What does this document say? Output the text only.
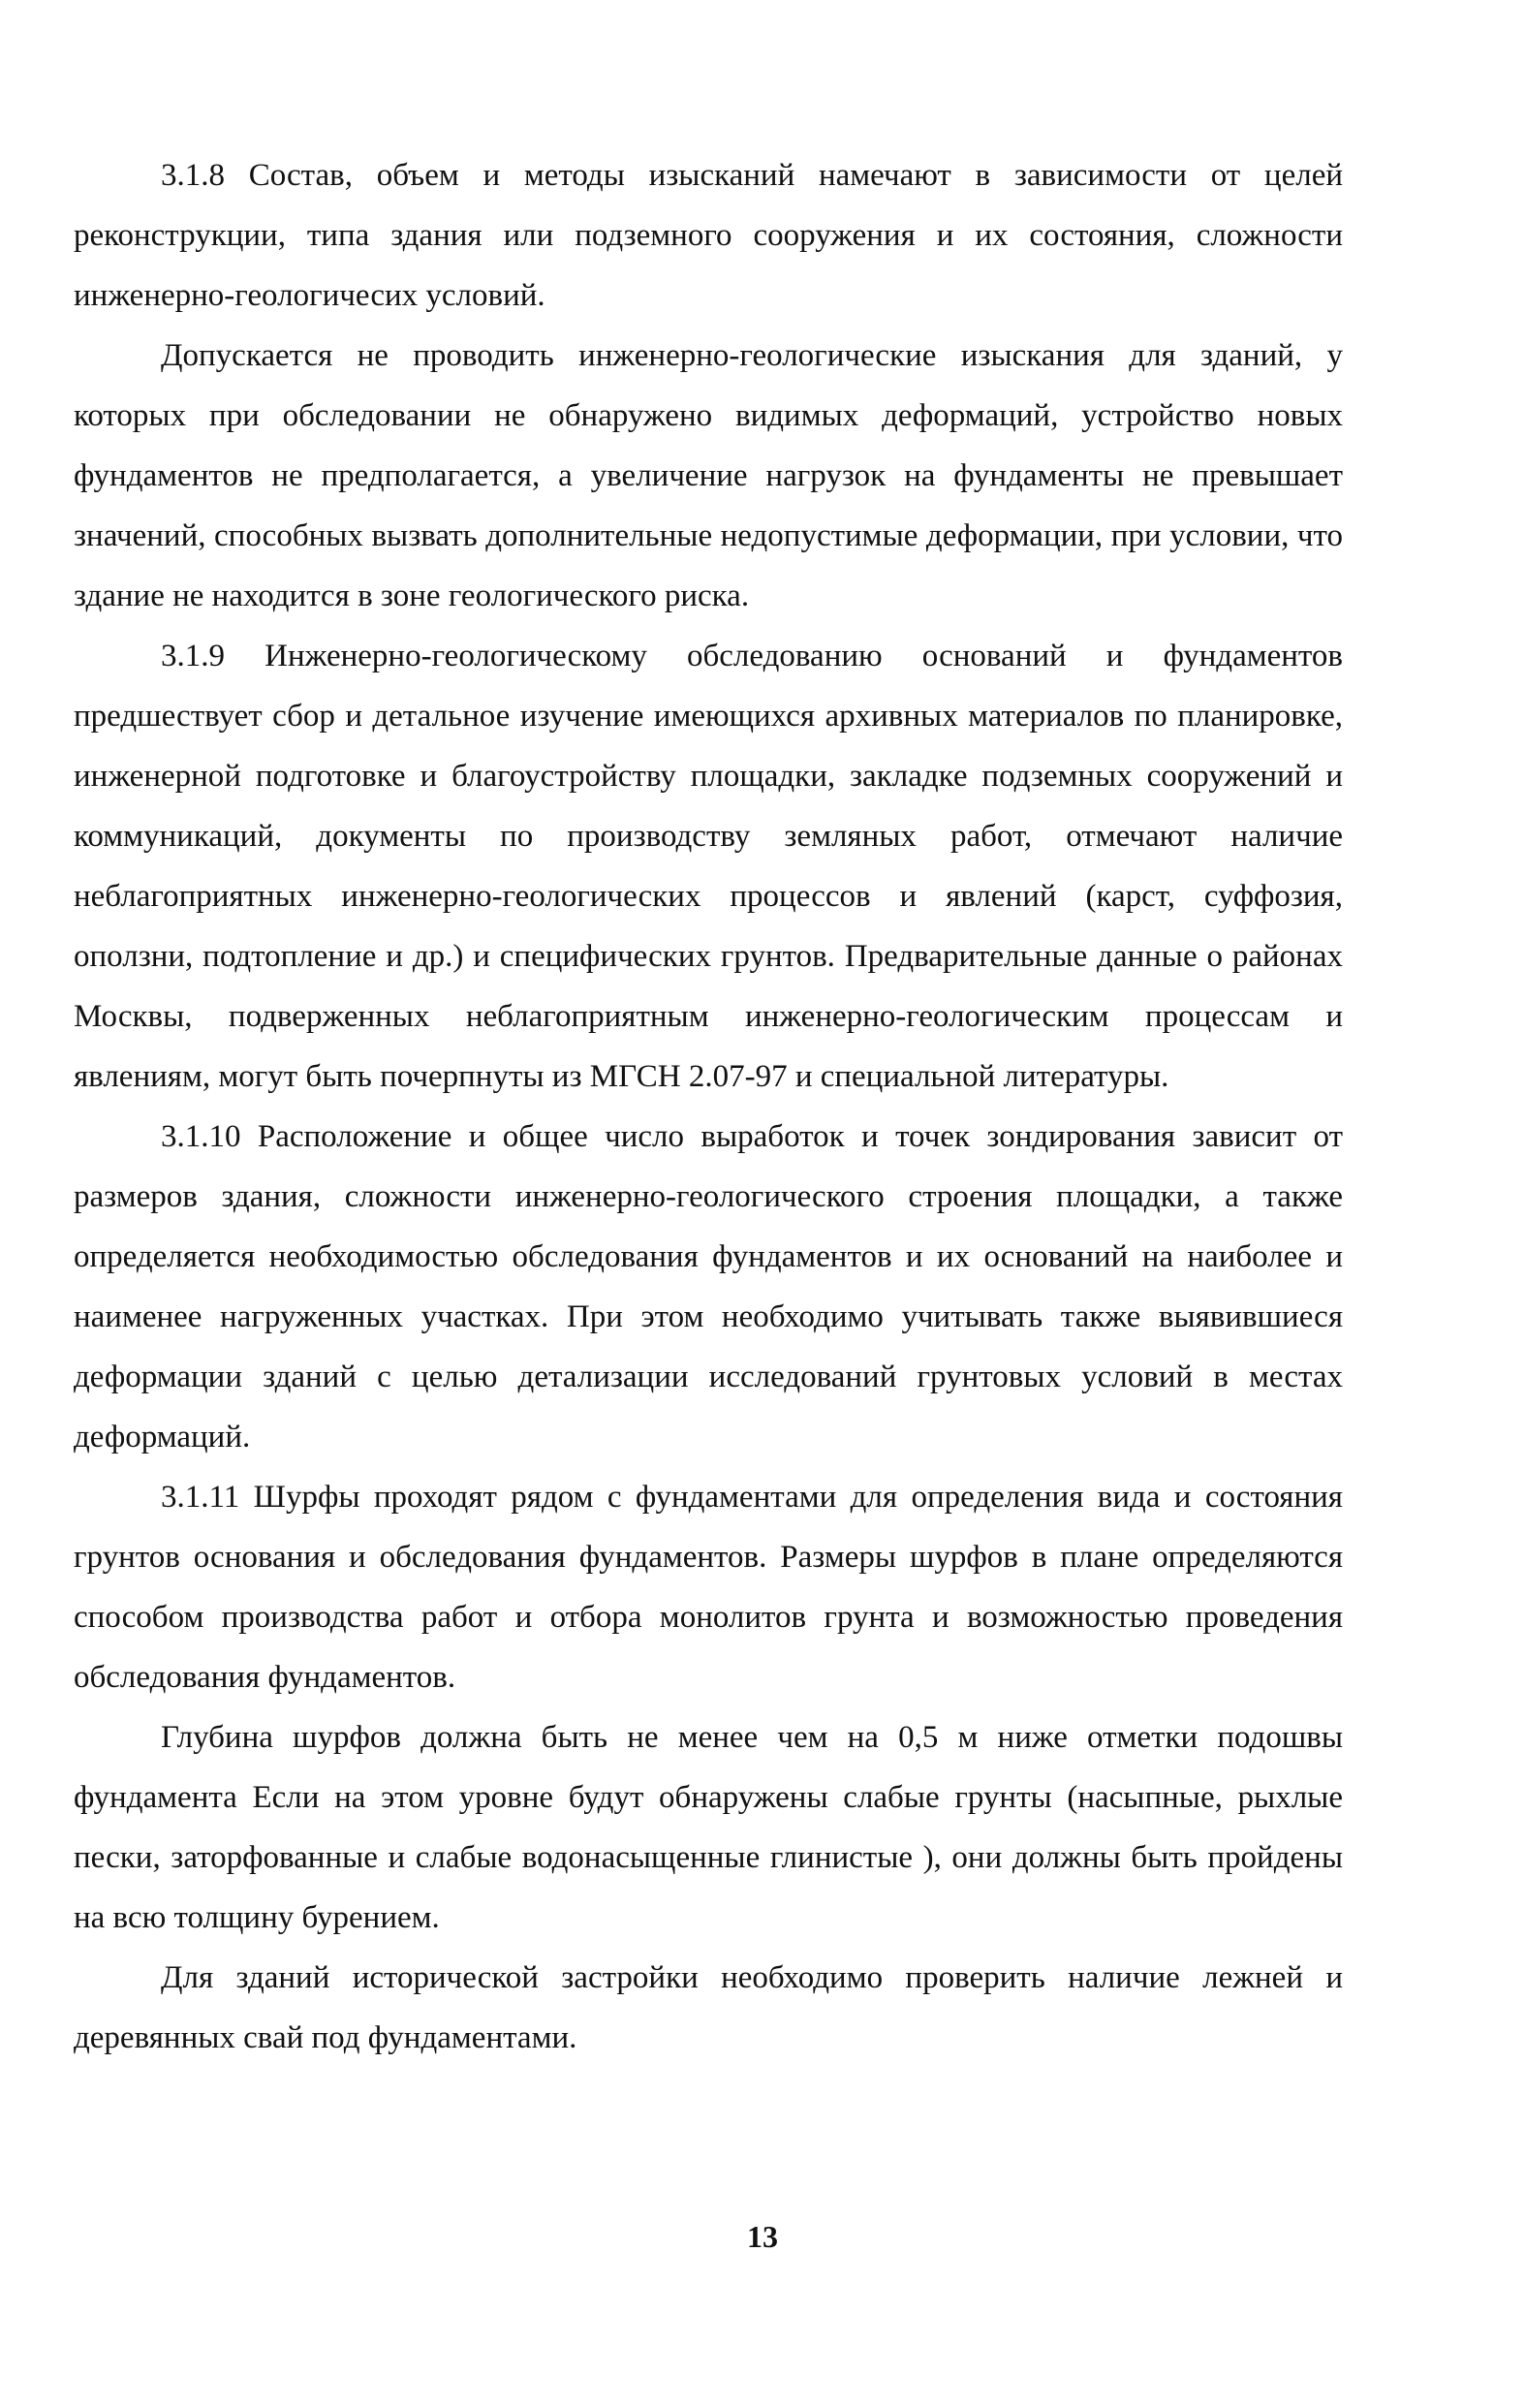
3.1.8 Состав, объем и методы изысканий намечают в зависимости от целей реконструкции, типа здания или подземного сооружения и их состояния, сложности инженерно-геологичесих условий.

Допускается не проводить инженерно-геологические изыскания для зданий, у которых при обследовании не обнаружено видимых деформаций, устройство новых фундаментов не предполагается, а увеличение нагрузок на фундаменты не превышает значений, способных вызвать дополнительные недопустимые деформации, при условии, что здание не находится в зоне геологического риска.

3.1.9 Инженерно-геологическому обследованию оснований и фундаментов предшествует сбор и детальное изучение имеющихся архивных материалов по планировке, инженерной подготовке и благоустройству площадки, закладке подземных сооружений и коммуникаций, документы по производству земляных работ, отмечают наличие неблагоприятных инженерно-геологических процессов и явлений (карст, суффозия, оползни, подтопление и др.) и специфических грунтов. Предварительные данные о районах Москвы, подверженных неблагоприятным инженерно-геологическим процессам и явлениям, могут быть почерпнуты из МГСН 2.07-97 и специальной литературы.

3.1.10 Расположение и общее число выработок и точек зондирования зависит от размеров здания, сложности инженерно-геологического строения площадки, а также определяется необходимостью обследования фундаментов и их оснований на наиболее и наименее нагруженных участках. При этом необходимо учитывать также выявившиеся деформации зданий с целью детализации исследований грунтовых условий в местах деформаций.

3.1.11 Шурфы проходят рядом с фундаментами для определения вида и состояния грунтов основания и обследования фундаментов. Размеры шурфов в плане определяются способом производства работ и отбора монолитов грунта и возможностью проведения обследования фундаментов.

Глубина шурфов должна быть не менее чем на 0,5 м ниже отметки подошвы фундамента Если на этом уровне будут обнаружены слабые грунты (насыпные, рыхлые пески, заторфованные и слабые водонасыщенные глинистые ), они должны быть пройдены на всю толщину бурением.

Для зданий исторической застройки необходимо проверить наличие лежней и деревянных свай под фундаментами.

13
